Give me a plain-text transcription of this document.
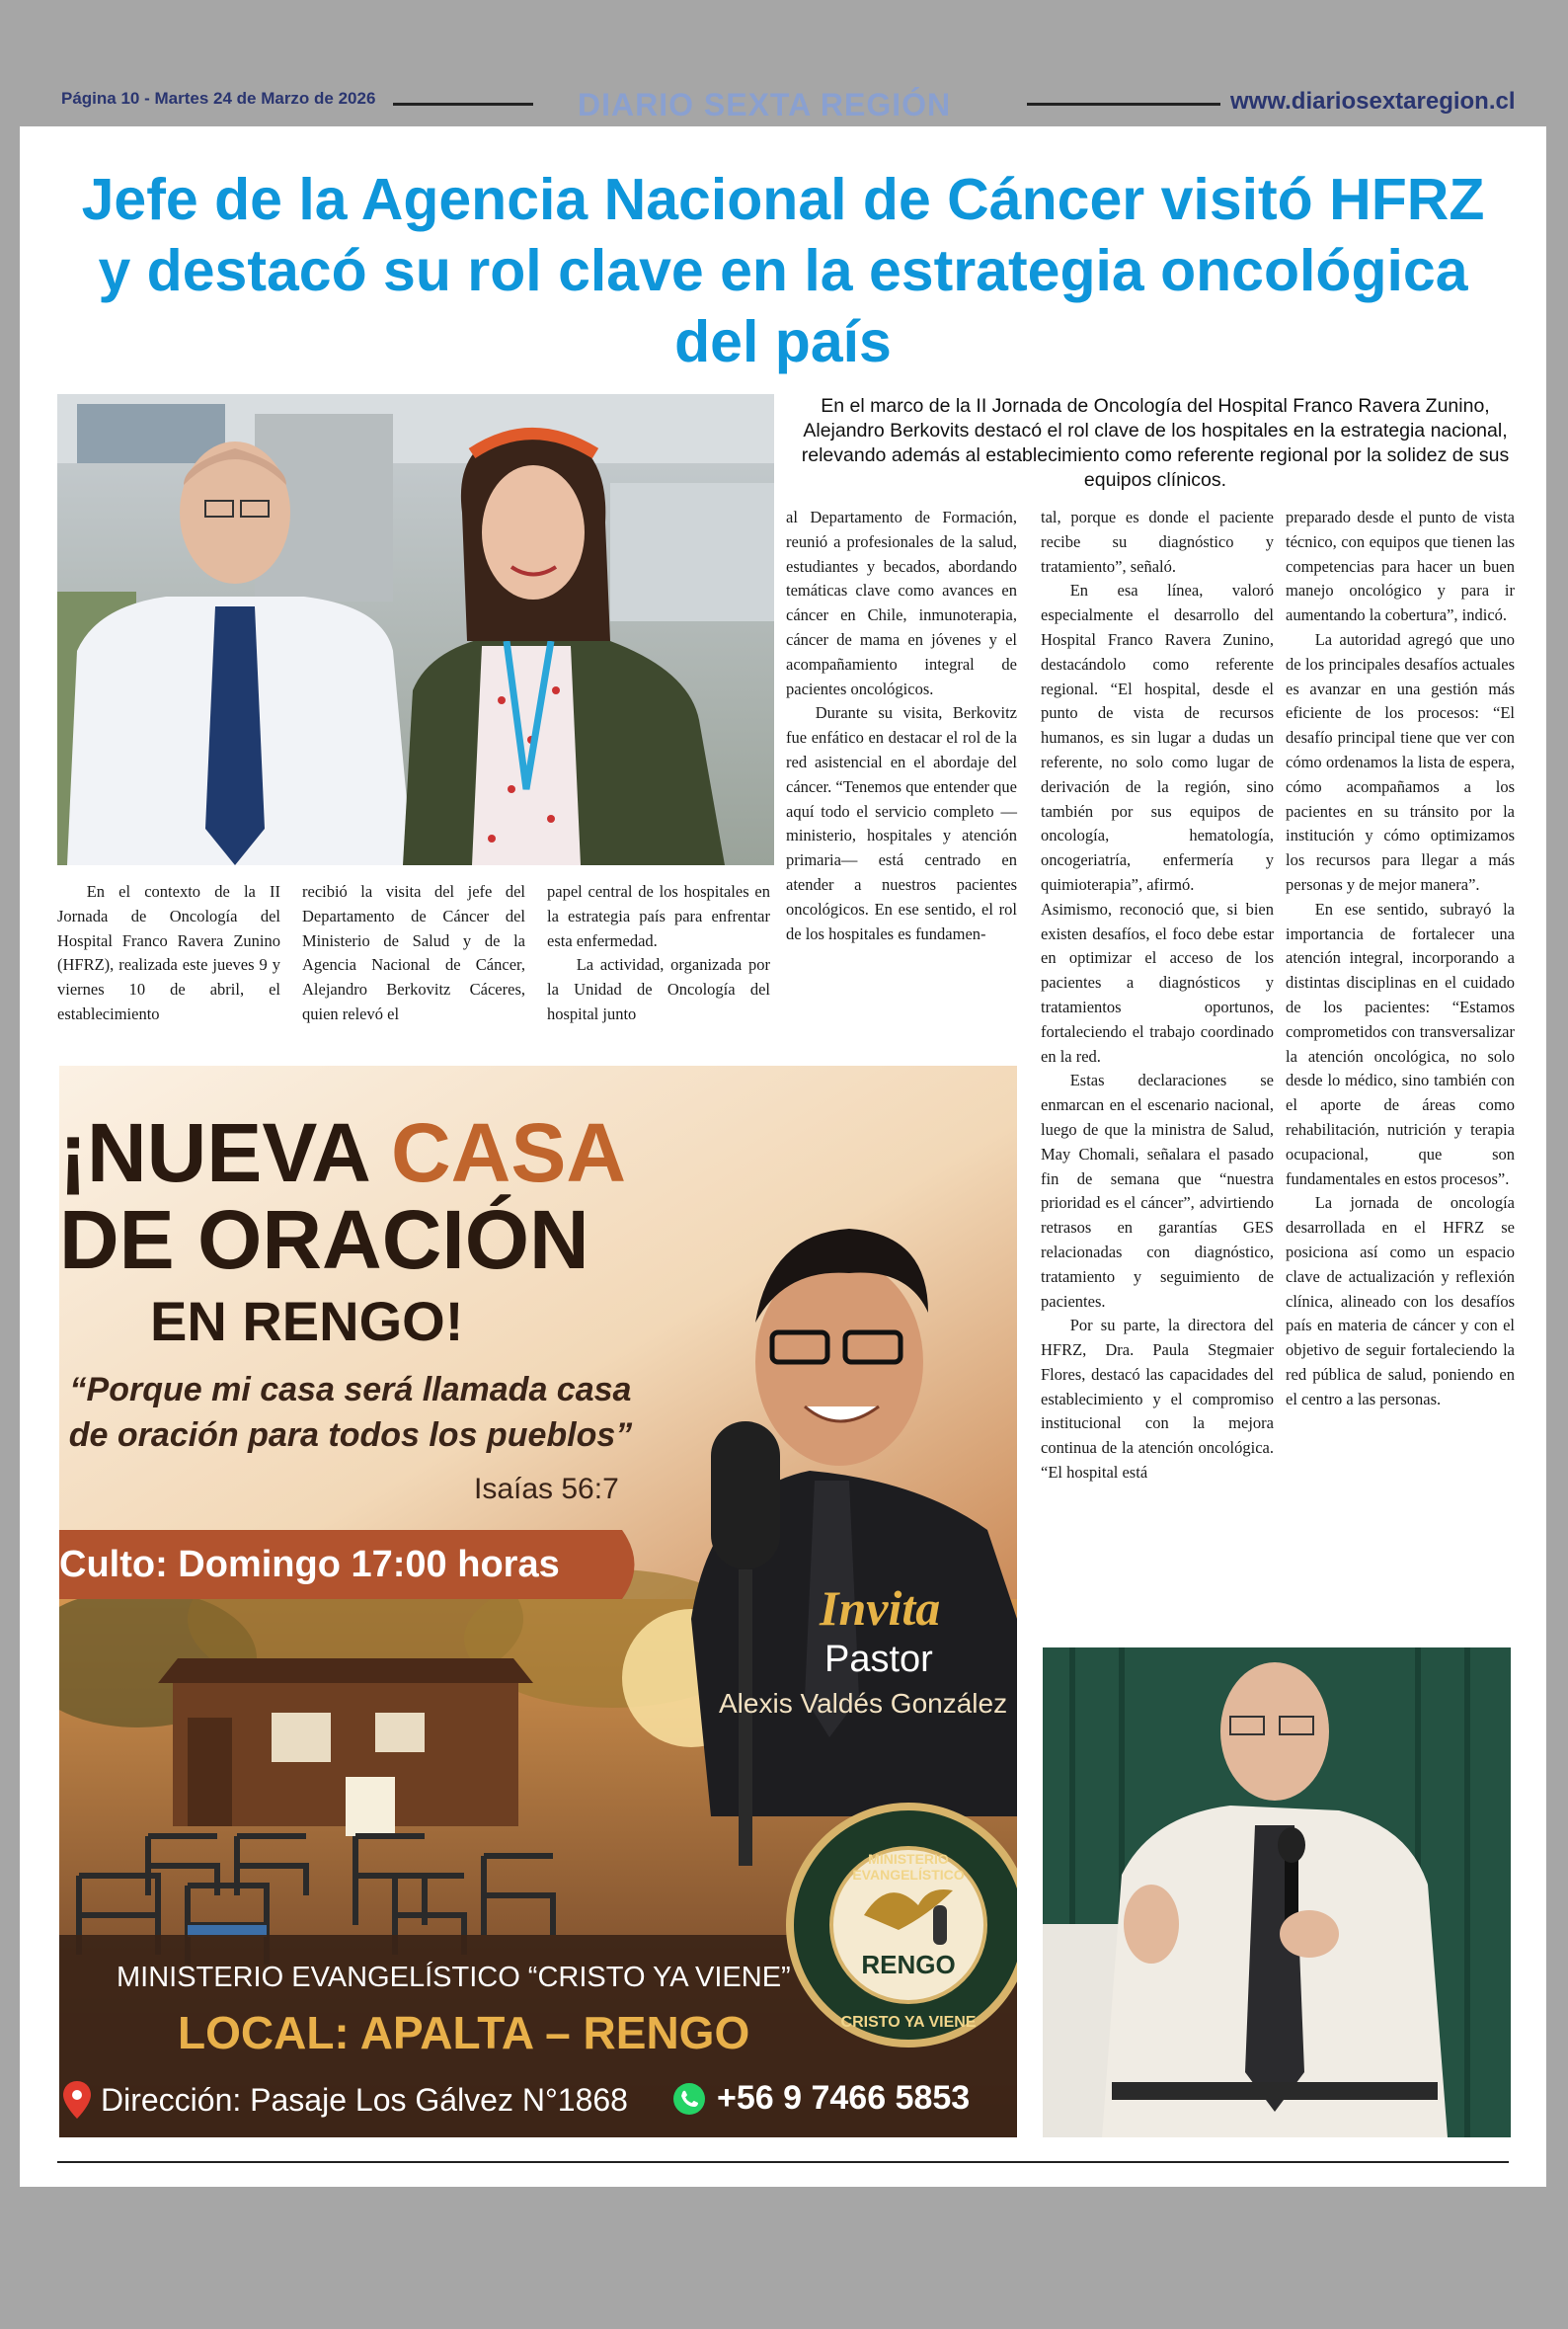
Página 10 - Martes 24 de Marzo de 2026	DIARIO SEXTA REGIÓN	www.diariosextaregion.cl
Jefe de la Agencia Nacional de Cáncer visitó HFRZ y destacó su rol clave en la estrategia oncológica del país
En el marco de la II Jornada de Oncología del Hospital Franco Ravera Zunino, Alejandro Berkovits destacó el rol clave de los hospitales en la estrategia nacional, relevando además al establecimiento como referente regional por la solidez de sus equipos clínicos.

En el contexto de la II Jornada de Oncología del Hospital Franco Ravera Zunino (HFRZ), realizada este jueves 9 y viernes 10 de abril, el establecimiento

recibió la visita del jefe del Departamento de Cáncer del Ministerio de Salud y de la Agencia Nacional de Cáncer, Alejandro Berkovitz Cáceres, quien relevó el

papel central de los hospitales en la estrategia país para enfrentar esta enfermedad.

La actividad, organizada por la Unidad de Oncología del hospital junto

al Departamento de Formación, reunió a profesionales de la salud, estudiantes y becados, abordando temáticas clave como avances en cáncer en Chile, inmunoterapia, cáncer de mama en jóvenes y el acompañamiento integral de pacientes oncológicos.

Durante su visita, Berkovitz fue enfático en destacar el rol de la red asistencial en el abordaje del cáncer. “Tenemos que entender que aquí todo el servicio completo —ministerio, hospitales y atención primaria— está centrado en atender a nuestros pacientes oncológicos. En ese sentido, el rol de los hospitales es fundamen-

tal, porque es donde el paciente recibe su diagnóstico y tratamiento”, señaló.

En esa línea, valoró especialmente el desarrollo del Hospital Franco Ravera Zunino, destacándolo como referente regional. “El hospital, desde el punto de vista de recursos humanos, es sin lugar a dudas un referente, no solo como lugar de derivación de la región, sino también por sus equipos de oncología, hematología, oncogeriatría, enfermería y quimioterapia”, afirmó.

Asimismo, reconoció que, si bien existen desafíos, el foco debe estar en optimizar el acceso de los pacientes a diagnósticos y tratamientos oportunos, fortaleciendo el trabajo coordinado en la red.

Estas declaraciones se enmarcan en el escenario nacional, luego de que la ministra de Salud, May Chomali, señalara el pasado fin de semana que “nuestra prioridad es el cáncer”, advirtiendo retrasos en garantías GES relacionadas con diagnóstico, tratamiento y seguimiento de pacientes.

Por su parte, la directora del HFRZ, Dra. Paula Stegmaier Flores, destacó las capacidades del establecimiento y el compromiso institucional con la mejora continua de la atención oncológica. “El hospital está

preparado desde el punto de vista técnico, con equipos que tienen las competencias para hacer un buen manejo oncológico y para ir aumentando la cobertura”, indicó.

La autoridad agregó que uno de los principales desafíos actuales es avanzar en una gestión más eficiente de los procesos: “El desafío principal tiene que ver con cómo ordenamos la lista de espera, cómo acompañamos a los pacientes en su tránsito por la institución y cómo optimizamos los recursos para llegar a más personas y de mejor manera”.

En ese sentido, subrayó la importancia de fortalecer una atención integral, incorporando a distintas disciplinas en el cuidado de los pacientes: “Estamos comprometidos con transversalizar la atención oncológica, no solo desde lo médico, sino también con el aporte de áreas como rehabilitación, nutrición y terapia ocupacional, que son fundamentales en estos procesos”.

La jornada de oncología desarrollada en el HFRZ se posiciona así como un espacio clave de actualización y reflexión clínica, alineado con los desafíos país en materia de cáncer y con el objetivo de seguir fortaleciendo la red pública de salud, poniendo en el centro a las personas.

¡NUEVA CASA
DE ORACIÓN
EN RENGO!
“Porque mi casa será llamada casa de oración para todos los pueblos”
Isaías 56:7
Culto: Domingo 17:00 horas
Invita
Pastor
Alexis Valdés González
MINISTERIO EVANGELÍSTICO
RENGO
CRISTO YA VIENE
MINISTERIO EVANGELÍSTICO “CRISTO YA VIENE”
LOCAL: APALTA – RENGO
Dirección: Pasaje Los Gálvez N°1868	+56 9 7466 5853
